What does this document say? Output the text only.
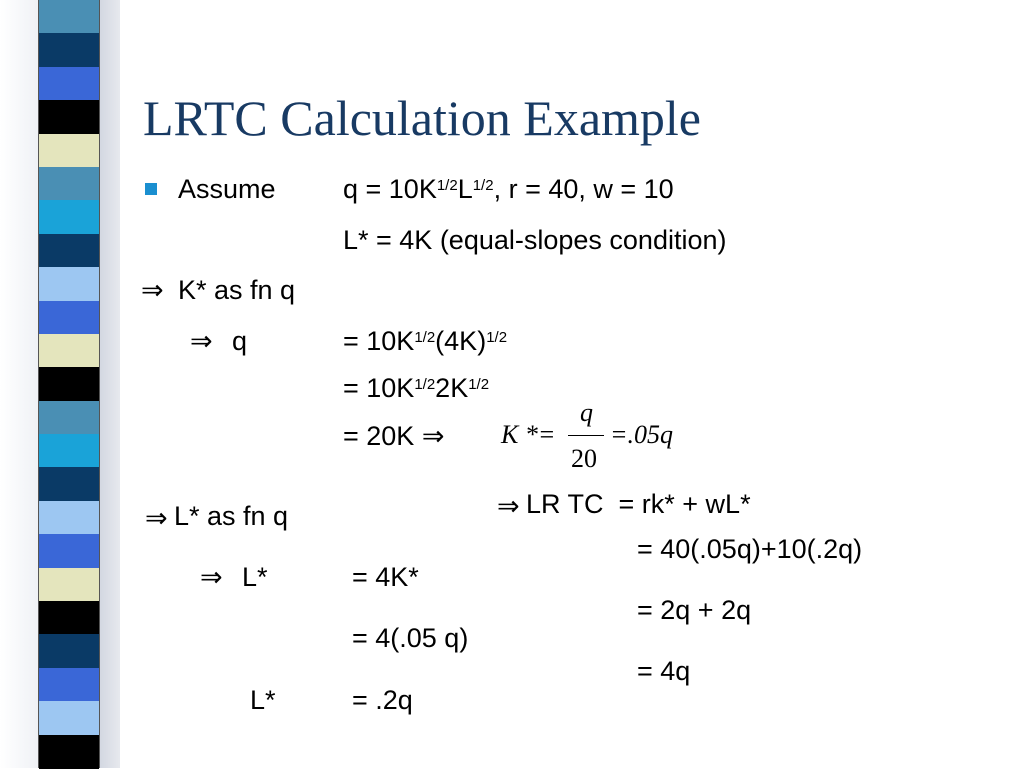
LRTC Calculation Example
Assume $q = 10K^{1/2}L^{1/2}$, r = 40, w = 10
L* = 4K (equal-slopes condition)
⇒ K* as fn q
⇒ q	= $10K^{1/2}(4K)^{1/2}$
= $10K^{1/2}2K^{1/2}$
= 20K ⇒ K *=
q
20
=.05q
⇒ L* as fn q
⇒ L*	= 4K*
= 4(.05 q)
L*	= .2q
⇒ LR TC  = rk* + wL*
= 40(.05q)+10(.2q)
= 2q + 2q
= 4q
